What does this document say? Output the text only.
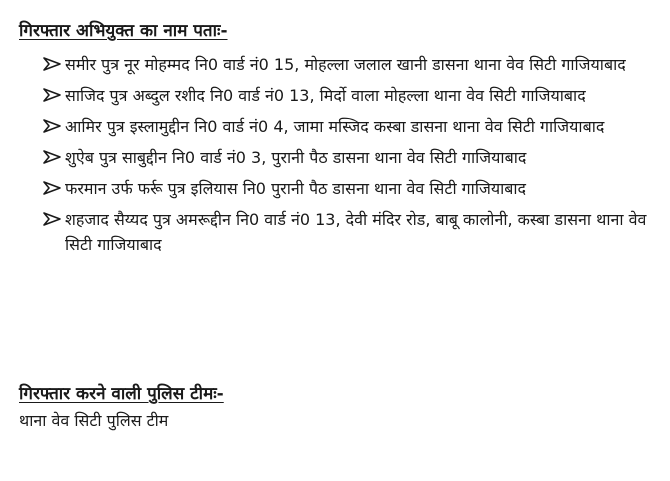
गिरफ्तार अभियुक्त का नाम पताः-
समीर पुत्र नूर मोहम्मद नि0 वार्ड नं0 15, मोहल्ला जलाल खानी डासना थाना वेव सिटी गाजियाबाद
साजिद पुत्र अब्दुल रशीद नि0 वार्ड नं0 13, मिर्दो वाला मोहल्ला थाना वेव सिटी गाजियाबाद
आमिर पुत्र इस्लामुद्दीन नि0 वार्ड नं0 4, जामा मस्जिद कस्बा डासना थाना वेव सिटी गाजियाबाद
शुऐब पुत्र साबुद्दीन नि0 वार्ड नं0 3, पुरानी पैठ डासना थाना वेव सिटी गाजियाबाद
फरमान उर्फ फर्रू पुत्र इलियास नि0 पुरानी पैठ डासना थाना वेव सिटी गाजियाबाद
शहजाद सैय्यद पुत्र अमरूद्दीन नि0 वार्ड नं0 13, देवी मंदिर रोड, बाबू कालोनी, कस्बा डासना थाना वेव सिटी गाजियाबाद
गिरफ्तार करने वाली पुलिस टीमः-
थाना वेव सिटी पुलिस टीम
